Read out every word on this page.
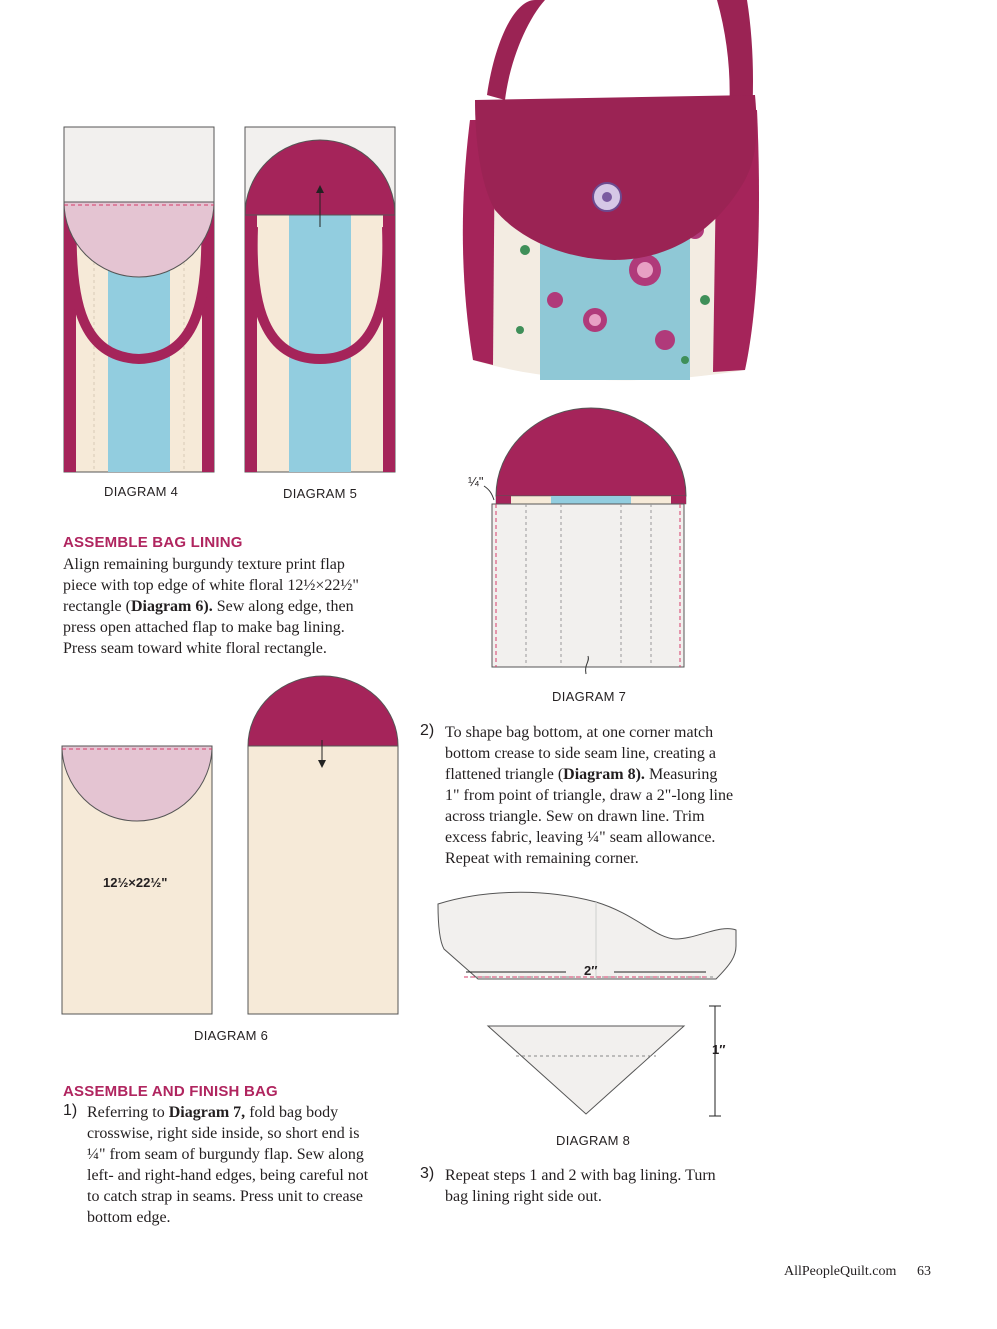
DIAGRAM 4	DIAGRAM 5
¼"
DIAGRAM 7
12½×22½"
DIAGRAM 6
2″
1″
DIAGRAM 8
ASSEMBLE BAG LINING
Align remaining burgundy texture print flap
piece with top edge of white floral 12½×22½"
rectangle (Diagram 6). Sew along edge, then
press open attached flap to make bag lining.
Press seam toward white floral rectangle.
ASSEMBLE AND FINISH BAG
1) Referring to Diagram 7, fold bag body
crosswise, right side inside, so short end is
¼" from seam of burgundy flap. Sew along
left- and right-hand edges, being careful not
to catch strap in seams. Press unit to crease
bottom edge.
2) To shape bag bottom, at one corner match
bottom crease to side seam line, creating a
flattened triangle (Diagram 8). Measuring
1" from point of triangle, draw a 2"-long line
across triangle. Sew on drawn line. Trim
excess fabric, leaving ¼" seam allowance.
Repeat with remaining corner.
3) Repeat steps 1 and 2 with bag lining. Turn
bag lining right side out.
AllPeopleQuilt.com 63
